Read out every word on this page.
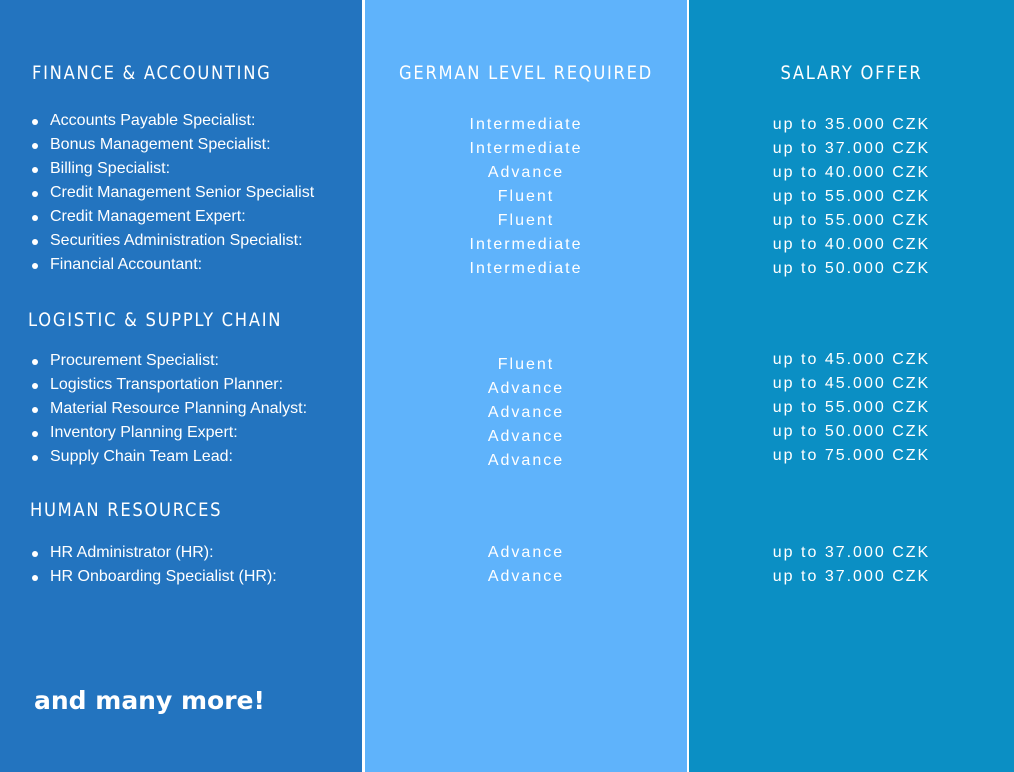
FINANCE & ACCOUNTING
Accounts Payable Specialist:
Bonus Management Specialist:
Billing Specialist:
Credit Management Senior Specialist
Credit Management Expert:
Securities Administration Specialist:
Financial Accountant:
LOGISTIC & SUPPLY CHAIN
Procurement Specialist:
Logistics Transportation Planner:
Material Resource Planning Analyst:
Inventory Planning Expert:
Supply Chain Team Lead:
HUMAN RESOURCES
HR Administrator (HR):
HR Onboarding Specialist (HR):
and many more!
GERMAN LEVEL REQUIRED
Intermediate
Intermediate
Advance
Fluent
Fluent
Intermediate
Intermediate
Fluent
Advance
Advance
Advance
Advance
Advance
Advance
SALARY OFFER
up to 35.000 CZK
up to 37.000 CZK
up to 40.000 CZK
up to 55.000 CZK
up to 55.000 CZK
up to 40.000 CZK
up to 50.000 CZK
up to 45.000 CZK
up to 45.000 CZK
up to 55.000 CZK
up to 50.000 CZK
up to 75.000 CZK
up to 37.000 CZK
up to 37.000 CZK
